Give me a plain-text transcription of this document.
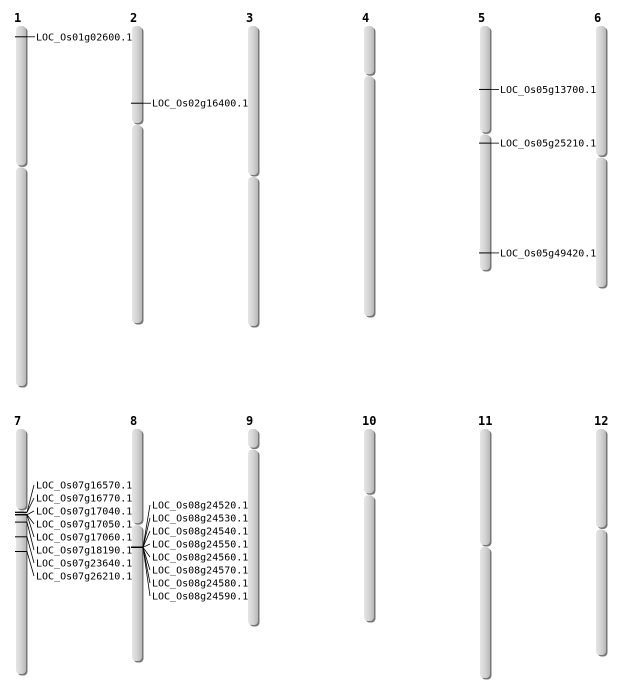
1
LOC_Os01g02600.1
2
LOC_Os02g16400.1
3	4	5
LOC_Os05g13700.1
LOC_Os05g25210.1
LOC_Os05g49420.1
6
7
LOC_Os07g16570.1
LOC_Os07g16770.1
LOC_Os07g17040.1
LOC_Os07g17050.1
LOC_Os07g17060.1
LOC_Os07g18190.1
LOC_Os07g23640.1
LOC_Os07g26210.1
8
LOC_Os08g24520.1
LOC_Os08g24530.1
LOC_Os08g24540.1
LOC_Os08g24550.1
LOC_Os08g24560.1
LOC_Os08g24570.1
LOC_Os08g24580.1
LOC_Os08g24590.1
9	10	11	12
